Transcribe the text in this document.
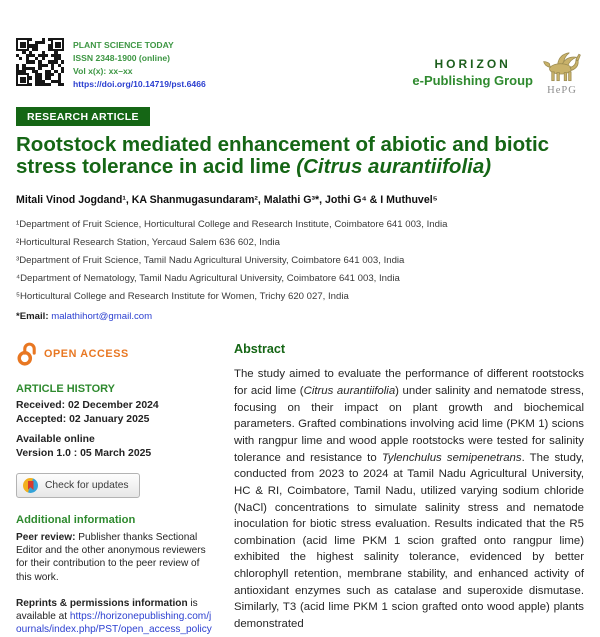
PLANT SCIENCE TODAY
ISSN 2348-1900 (online)
Vol x(x): xx–xx
https://doi.org/10.14719/pst.6466
HORIZON
e-Publishing Group
HePG
RESEARCH ARTICLE
Rootstock mediated enhancement of abiotic and biotic stress tolerance in acid lime (Citrus aurantiifolia)
Mitali Vinod Jogdand¹, KA Shanmugasundaram², Malathi G³*, Jothi G⁴ & I Muthuvel⁵
¹Department of Fruit Science, Horticultural College and Research Institute, Coimbatore 641 003, India
²Horticultural Research Station, Yercaud Salem 636 602, India
³Department of Fruit Science, Tamil Nadu Agricultural University, Coimbatore 641 003, India
⁴Department of Nematology, Tamil Nadu Agricultural University, Coimbatore 641 003, India
⁵Horticultural College and Research Institute for Women, Trichy 620 027, India
*Email: malathihort@gmail.com
OPEN ACCESS
ARTICLE HISTORY
Received: 02 December 2024
Accepted: 02 January 2025
Available online
Version 1.0 : 05 March 2025
Check for updates
Additional information
Peer review: Publisher thanks Sectional Editor and the other anonymous reviewers for their contribution to the peer review of this work.
Reprints & permissions information is available at https://horizonepublishing.com/journals/index.php/PST/open_access_policy
Abstract

The study aimed to evaluate the performance of different rootstocks for acid lime (Citrus aurantiifolia) under salinity and nematode stress, focusing on their impact on plant growth and biochemical parameters. Grafted combinations involving acid lime (PKM 1) scions with rangpur lime and wood apple rootstocks were tested for salinity tolerance and resistance to Tylenchulus semipenetrans. The study, conducted from 2023 to 2024 at Tamil Nadu Agricultural University, HC & RI, Coimbatore, Tamil Nadu, utilized varying sodium chloride (NaCl) concentrations to simulate salinity stress and nematode inoculation for biotic stress evaluation. Results indicated that the R5 combination (acid lime PKM 1 scion grafted onto rangpur lime) exhibited the highest salinity tolerance, evidenced by better chlorophyll retention, membrane stability, and enhanced activity of antioxidant enzymes such as catalase and superoxide dismutase. Similarly, T3 (acid lime PKM 1 scion grafted onto wood apple) plants demonstrated
